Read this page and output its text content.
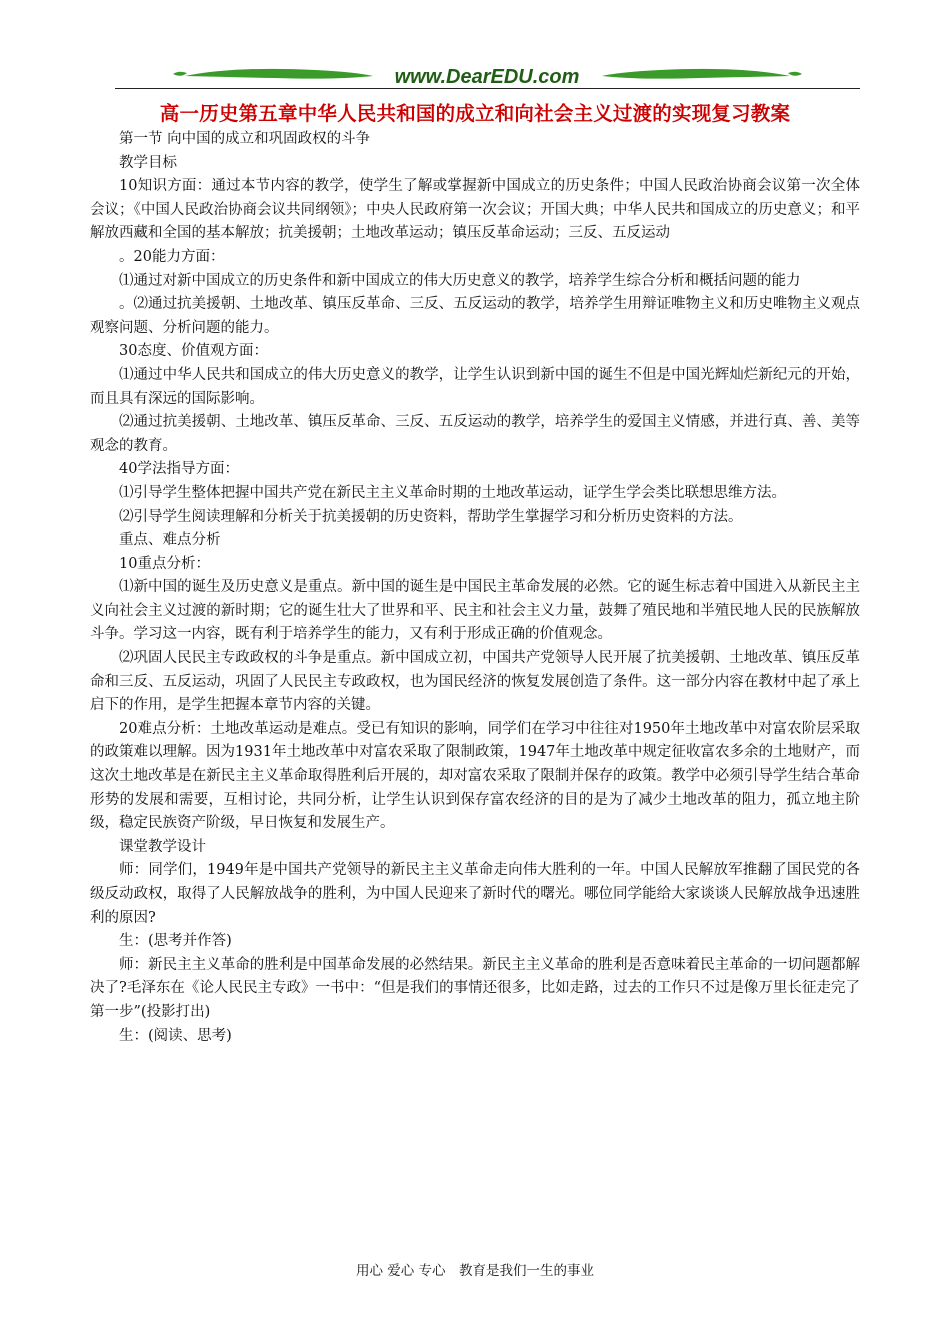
www.DearEDU.com
高一历史第五章中华人民共和国的成立和向社会主义过渡的实现复习教案

第一节 向中国的成立和巩固政权的斗争

教学目标

10知识方面：通过本节内容的教学，使学生了解或掌握新中国成立的历史条件；中国人民政治协商会议第一次全体会议；《中国人民政治协商会议共同纲领》；中央人民政府第一次会议；开国大典；中华人民共和国成立的历史意义；和平解放西藏和全国的基本解放；抗美援朝；土地改革运动；镇压反革命运动；三反、五反运动

。20能力方面：

⑴通过对新中国成立的历史条件和新中国成立的伟大历史意义的教学，培养学生综合分析和概括问题的能力

。⑵通过抗美援朝、土地改革、镇压反革命、三反、五反运动的教学，培养学生用辩证唯物主义和历史唯物主义观点观察问题、分析问题的能力。

30态度、价值观方面：

⑴通过中华人民共和国成立的伟大历史意义的教学，让学生认识到新中国的诞生不但是中国光辉灿烂新纪元的开始，而且具有深远的国际影响。

⑵通过抗美援朝、土地改革、镇压反革命、三反、五反运动的教学，培养学生的爱国主义情感，并进行真、善、美等观念的教育。

40学法指导方面：

⑴引导学生整体把握中国共产党在新民主主义革命时期的土地改革运动，证学生学会类比联想思维方法。

⑵引导学生阅读理解和分析关于抗美援朝的历史资料，帮助学生掌握学习和分析历史资料的方法。

重点、难点分析

10重点分析：

⑴新中国的诞生及历史意义是重点。新中国的诞生是中国民主革命发展的必然。它的诞生标志着中国进入从新民主主义向社会主义过渡的新时期；它的诞生壮大了世界和平、民主和社会主义力量，鼓舞了殖民地和半殖民地人民的民族解放斗争。学习这一内容，既有利于培养学生的能力，又有利于形成正确的价值观念。

⑵巩固人民民主专政政权的斗争是重点。新中国成立初，中国共产党领导人民开展了抗美援朝、土地改革、镇压反革命和三反、五反运动，巩固了人民民主专政政权，也为国民经济的恢复发展创造了条件。这一部分内容在教材中起了承上启下的作用，是学生把握本章节内容的关键。

20难点分析：土地改革运动是难点。受已有知识的影响，同学们在学习中往往对1950年土地改革中对富农阶层采取的政策难以理解。因为1931年土地改革中对富农采取了限制政策，1947年土地改革中规定征收富农多余的土地财产，而这次土地改革是在新民主主义革命取得胜利后开展的，却对富农采取了限制并保存的政策。教学中必须引导学生结合革命形势的发展和需要，互相讨论，共同分析，让学生认识到保存富农经济的目的是为了减少土地改革的阻力，孤立地主阶级，稳定民族资产阶级，早日恢复和发展生产。

课堂教学设计

师：同学们，1949年是中国共产党领导的新民主主义革命走向伟大胜利的一年。中国人民解放军推翻了国民党的各级反动政权，取得了人民解放战争的胜利，为中国人民迎来了新时代的曙光。哪位同学能给大家谈谈人民解放战争迅速胜利的原因?

生：(思考并作答)

师：新民主主义革命的胜利是中国革命发展的必然结果。新民主主义革命的胜利是否意味着民主革命的一切问题都解决了?毛泽东在《论人民民主专政》一书中：“但是我们的事情还很多，比如走路，过去的工作只不过是像万里长征走完了第一步”(投影打出)

生：(阅读、思考)

用心 爱心 专心　教育是我们一生的事业
